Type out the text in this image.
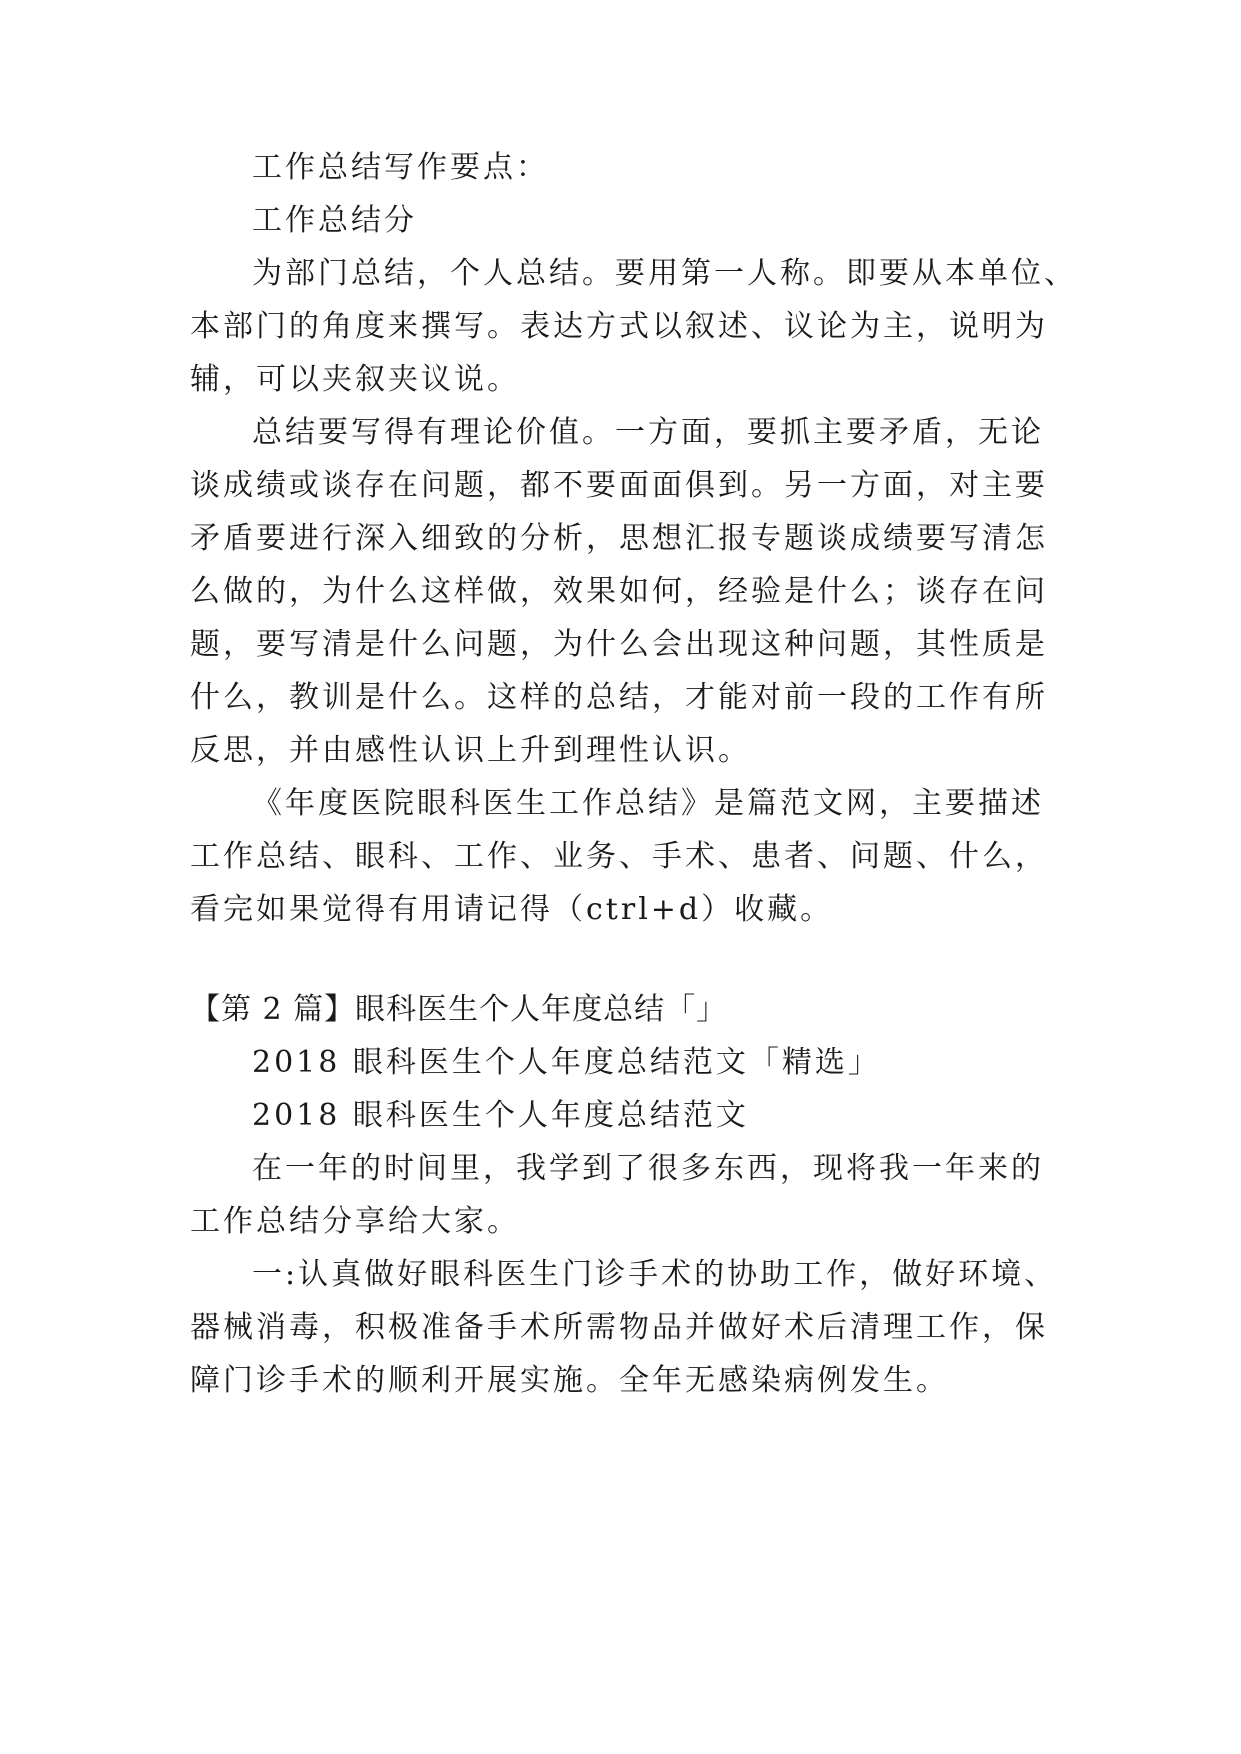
工作总结写作要点：
工作总结分
为部门总结，个人总结。要用第一人称。即要从本单位、
本部门的角度来撰写。表达方式以叙述、议论为主，说明为
辅，可以夹叙夹议说。
总结要写得有理论价值。一方面，要抓主要矛盾，无论
谈成绩或谈存在问题，都不要面面俱到。另一方面，对主要
矛盾要进行深入细致的分析，思想汇报专题谈成绩要写清怎
么做的，为什么这样做，效果如何，经验是什么；谈存在问
题，要写清是什么问题，为什么会出现这种问题，其性质是
什么，教训是什么。这样的总结，才能对前一段的工作有所
反思，并由感性认识上升到理性认识。
《年度医院眼科医生工作总结》是篇范文网，主要描述
工作总结、眼科、工作、业务、手术、患者、问题、什么，
看完如果觉得有用请记得（ctrl+d）收藏。
【第 2 篇】眼科医生个人年度总结「」
2018 眼科医生个人年度总结范文「精选」
2018 眼科医生个人年度总结范文
在一年的时间里，我学到了很多东西，现将我一年来的
工作总结分享给大家。
一:认真做好眼科医生门诊手术的协助工作，做好环境、
器械消毒，积极准备手术所需物品并做好术后清理工作，保
障门诊手术的顺利开展实施。全年无感染病例发生。
